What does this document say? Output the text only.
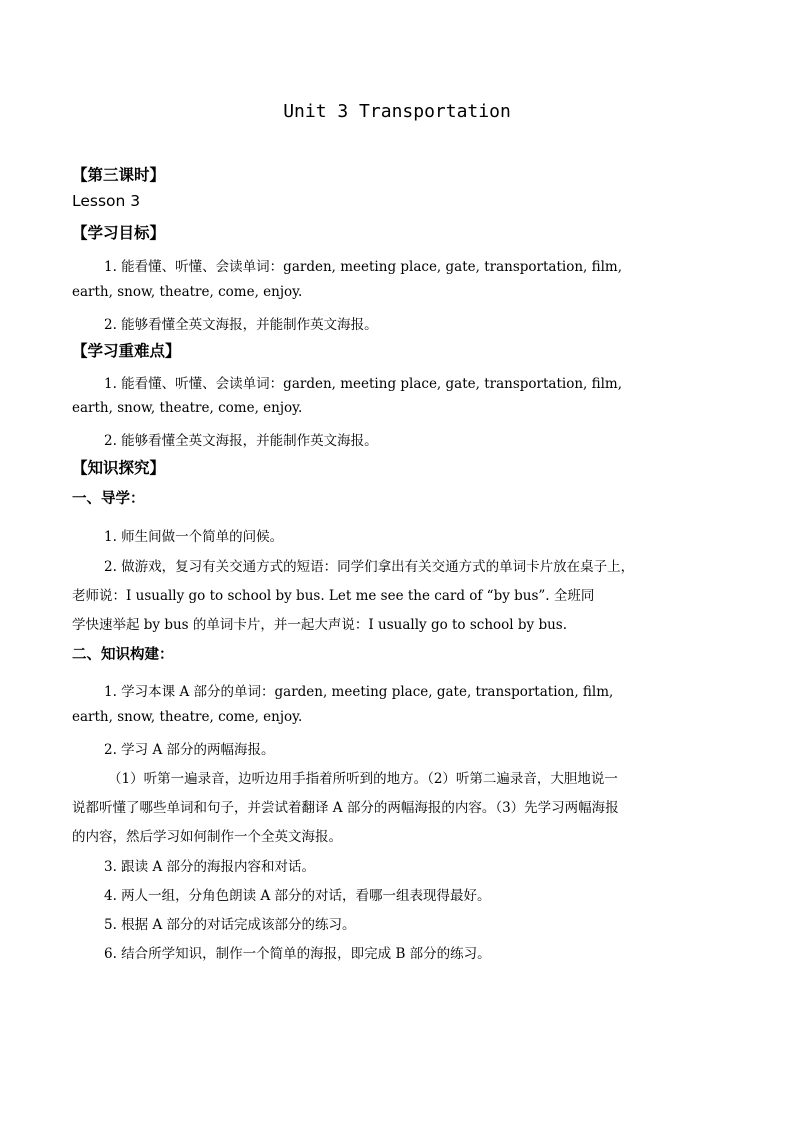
Unit 3 Transportation
【第三课时】
Lesson 3
【学习目标】
1. 能看懂、听懂、会读单词：garden, meeting place, gate, transportation, film,
earth, snow, theatre, come, enjoy.
2. 能够看懂全英文海报，并能制作英文海报。
【学习重难点】
1. 能看懂、听懂、会读单词：garden, meeting place, gate, transportation, film,
earth, snow, theatre, come, enjoy.
2. 能够看懂全英文海报，并能制作英文海报。
【知识探究】
一、导学：
1. 师生间做一个简单的问候。
2. 做游戏，复习有关交通方式的短语：同学们拿出有关交通方式的单词卡片放在桌子上，
老师说：I usually go to school by bus. Let me see the card of “by bus”. 全班同
学快速举起 by bus 的单词卡片，并一起大声说：I usually go to school by bus.
二、知识构建：
1. 学习本课 A 部分的单词：garden, meeting place, gate, transportation, film,
earth, snow, theatre, come, enjoy.
2. 学习 A 部分的两幅海报。
（1）听第一遍录音，边听边用手指着所听到的地方。（2）听第二遍录音，大胆地说一
说都听懂了哪些单词和句子，并尝试着翻译 A 部分的两幅海报的内容。（3）先学习两幅海报
的内容，然后学习如何制作一个全英文海报。
3. 跟读 A 部分的海报内容和对话。
4. 两人一组，分角色朗读 A 部分的对话，看哪一组表现得最好。
5. 根据 A 部分的对话完成该部分的练习。
6. 结合所学知识，制作一个简单的海报，即完成 B 部分的练习。
